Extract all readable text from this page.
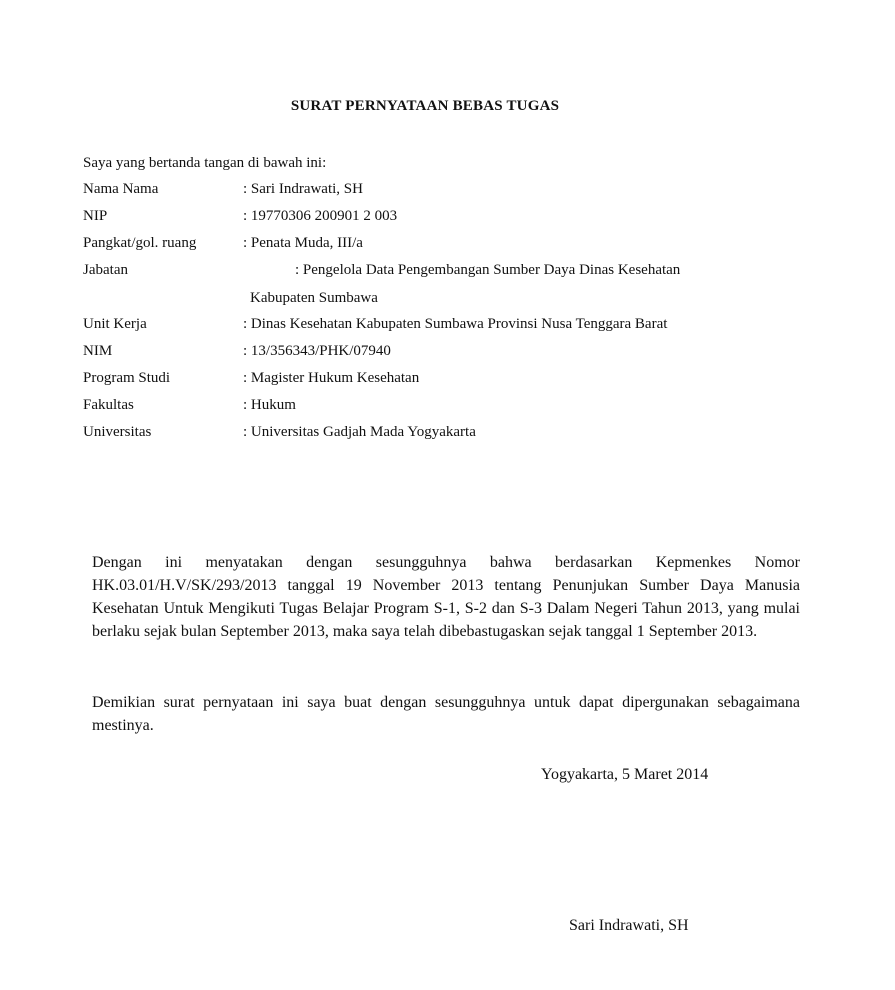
SURAT PERNYATAAN BEBAS TUGAS
Saya yang bertanda tangan di bawah ini:
Nama Nama	: Sari Indrawati, SH
NIP	: 19770306 200901 2 003
Pangkat/gol. ruang	: Penata Muda, III/a
Jabatan	: Pengelola Data Pengembangan Sumber Daya Dinas Kesehatan
Kabupaten Sumbawa
Unit Kerja	: Dinas Kesehatan Kabupaten Sumbawa Provinsi Nusa Tenggara Barat
NIM	: 13/356343/PHK/07940
Program Studi	: Magister Hukum Kesehatan
Fakultas	: Hukum
Universitas	: Universitas Gadjah Mada Yogyakarta

Dengan ini menyatakan dengan sesungguhnya bahwa berdasarkan Kepmenkes Nomor HK.03.01/H.V/SK/293/2013 tanggal 19 November 2013 tentang Penunjukan Sumber Daya Manusia Kesehatan Untuk Mengikuti Tugas Belajar Program S-1, S-2 dan S-3 Dalam Negeri Tahun 2013, yang mulai berlaku sejak bulan September 2013, maka saya telah dibebastugaskan sejak tanggal 1 September 2013.

Demikian surat pernyataan ini saya buat dengan sesungguhnya untuk dapat dipergunakan sebagaimana mestinya.

Yogyakarta, 5 Maret 2014
Sari Indrawati, SH
